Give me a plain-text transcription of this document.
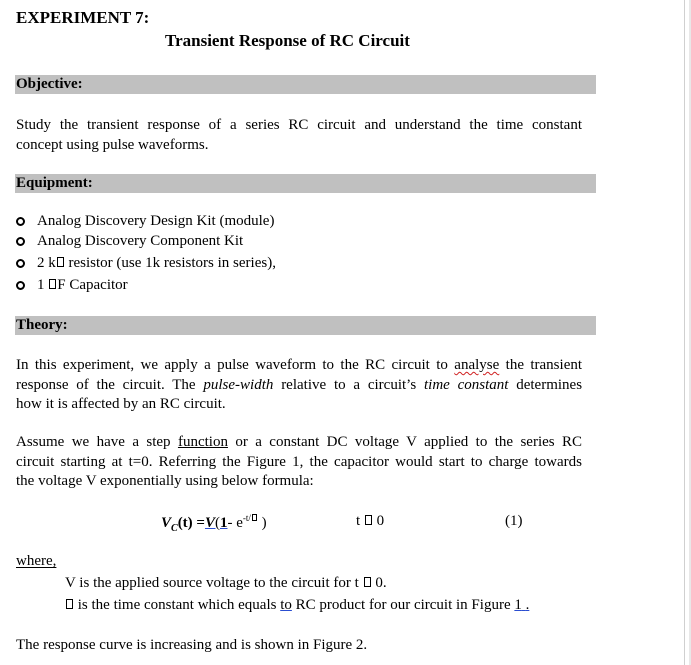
EXPERIMENT 7:
Transient Response of RC Circuit
Objective:
Study the transient response of a series RC circuit and understand the time constant
concept using pulse waveforms.
Equipment:
Analog Discovery Design Kit (module)
Analog Discovery Component Kit
2 k resistor (use 1k resistors in series),
1 F Capacitor
Theory:
In this experiment, we apply a pulse waveform to the RC circuit to analyse the transient
response of the circuit. The pulse-width relative to a circuit’s time constant determines
how it is affected by an RC circuit.
Assume we have a step function or a constant DC voltage V applied to the series RC
circuit starting at t=0. Referring the Figure 1, the capacitor would start to charge towards
the voltage V exponentially using below formula:
$V_C(t) =V(1-$ $e^{-t/}$ )	t 0	(1)
where,
V is the applied source voltage to the circuit for t 0.
is the time constant which equals to RC product for our circuit in Figure 1 .
The response curve is increasing and is shown in Figure 2.
